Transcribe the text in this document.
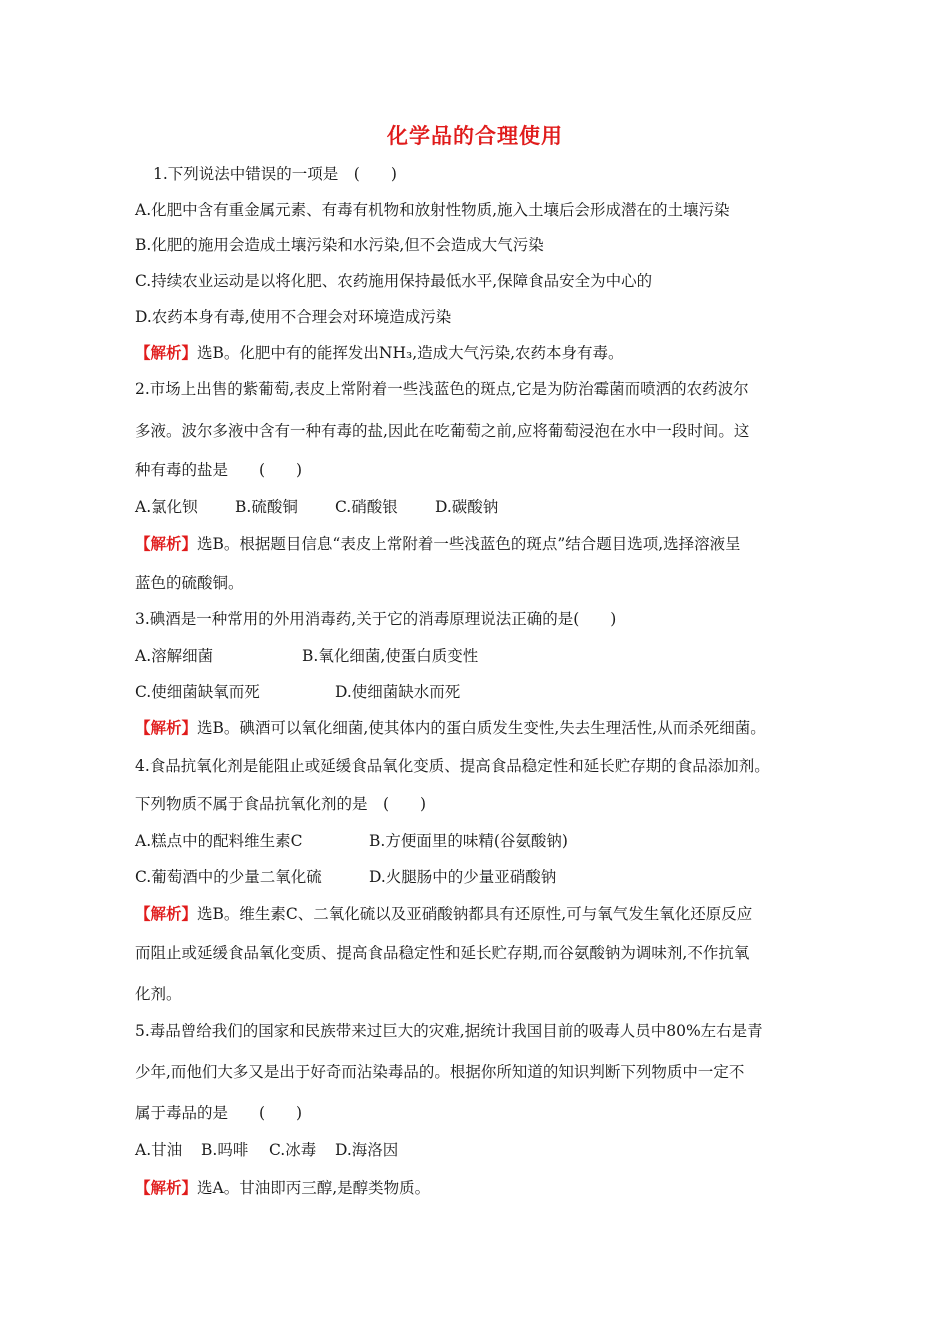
化学品的合理使用

1.下列说法中错误的一项是　(　　)

A.化肥中含有重金属元素、有毒有机物和放射性物质,施入土壤后会形成潜在的土壤污染

B.化肥的施用会造成土壤污染和水污染,但不会造成大气污染

C.持续农业运动是以将化肥、农药施用保持最低水平,保障食品安全为中心的

D.农药本身有毒,使用不合理会对环境造成污染

【解析】选B。化肥中有的能挥发出NH₃,造成大气污染,农药本身有毒。

2.市场上出售的紫葡萄,表皮上常附着一些浅蓝色的斑点,它是为防治霉菌而喷洒的农药波尔

多液。波尔多液中含有一种有毒的盐,因此在吃葡萄之前,应将葡萄浸泡在水中一段时间。这

种有毒的盐是　　(　　)

A.氯化钡 B.硫酸铜 C.硝酸银 D.碳酸钠

【解析】选B。根据题目信息“表皮上常附着一些浅蓝色的斑点”结合题目选项,选择溶液呈

蓝色的硫酸铜。

3.碘酒是一种常用的外用消毒药,关于它的消毒原理说法正确的是(　　)

A.溶解细菌	B.氧化细菌,使蛋白质变性

C.使细菌缺氧而死	D.使细菌缺水而死

【解析】选B。碘酒可以氧化细菌,使其体内的蛋白质发生变性,失去生理活性,从而杀死细菌。

4.食品抗氧化剂是能阻止或延缓食品氧化变质、提高食品稳定性和延长贮存期的食品添加剂。

下列物质不属于食品抗氧化剂的是　(　　)

A.糕点中的配料维生素C	B.方便面里的味精(谷氨酸钠)

C.葡萄酒中的少量二氧化硫	D.火腿肠中的少量亚硝酸钠

【解析】选B。维生素C、二氧化硫以及亚硝酸钠都具有还原性,可与氧气发生氧化还原反应

而阻止或延缓食品氧化变质、提高食品稳定性和延长贮存期,而谷氨酸钠为调味剂,不作抗氧

化剂。

5.毒品曾给我们的国家和民族带来过巨大的灾难,据统计我国目前的吸毒人员中80%左右是青

少年,而他们大多又是出于好奇而沾染毒品的。根据你所知道的知识判断下列物质中一定不

属于毒品的是　　(　　)

A.甘油 B.吗啡 C.冰毒 D.海洛因

【解析】选A。甘油即丙三醇,是醇类物质。
